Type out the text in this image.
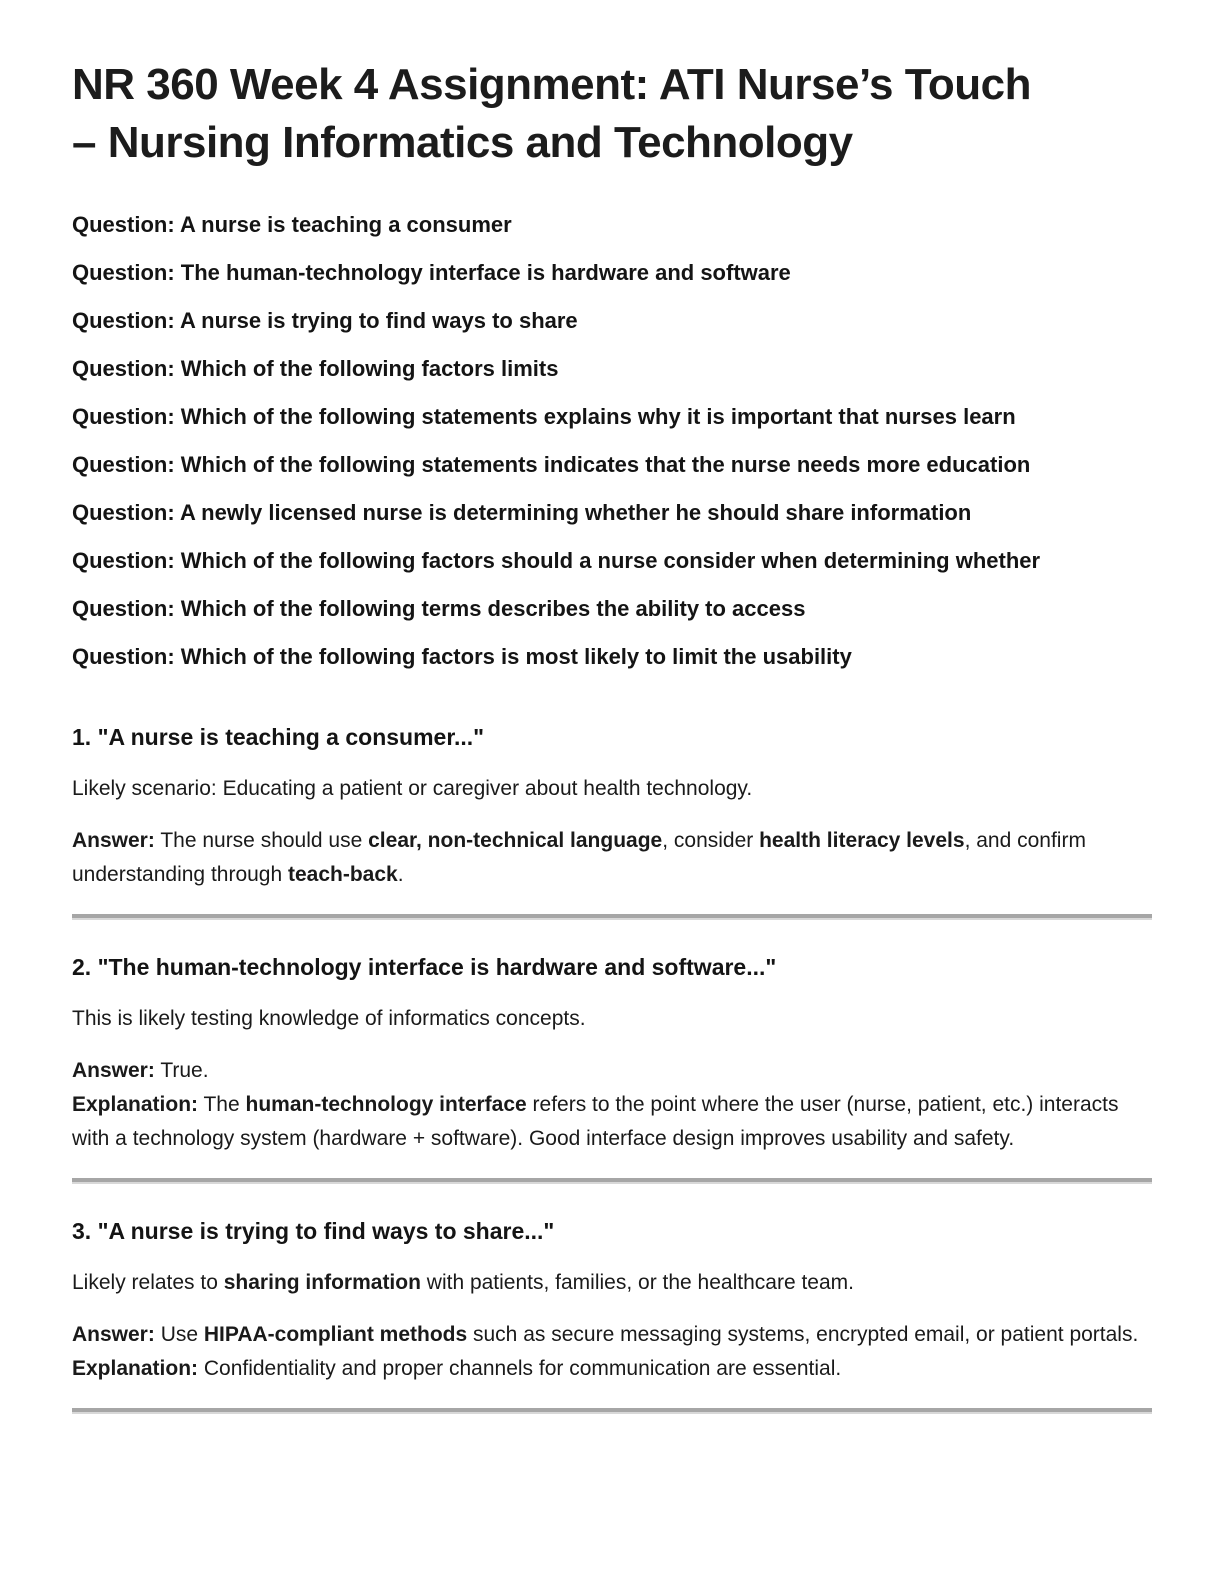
NR 360 Week 4 Assignment: ATI Nurse’s Touch
– Nursing Informatics and Technology

Question: A nurse is teaching a consumer

Question: The human-technology interface is hardware and software

Question: A nurse is trying to find ways to share

Question: Which of the following factors limits

Question: Which of the following statements explains why it is important that nurses learn

Question: Which of the following statements indicates that the nurse needs more education

Question: A newly licensed nurse is determining whether he should share information

Question: Which of the following factors should a nurse consider when determining whether

Question: Which of the following terms describes the ability to access

Question: Which of the following factors is most likely to limit the usability

1. "A nurse is teaching a consumer..."

Likely scenario: Educating a patient or caregiver about health technology.

Answer: The nurse should use clear, non-technical language, consider health literacy levels, and confirm understanding through teach-back.

2. "The human-technology interface is hardware and software..."

This is likely testing knowledge of informatics concepts.

Answer: True.

Explanation: The human-technology interface refers to the point where the user (nurse, patient, etc.) interacts with a technology system (hardware + software). Good interface design improves usability and safety.

3. "A nurse is trying to find ways to share..."

Likely relates to sharing information with patients, families, or the healthcare team.

Answer: Use HIPAA-compliant methods such as secure messaging systems, encrypted email, or patient portals.

Explanation: Confidentiality and proper channels for communication are essential.
